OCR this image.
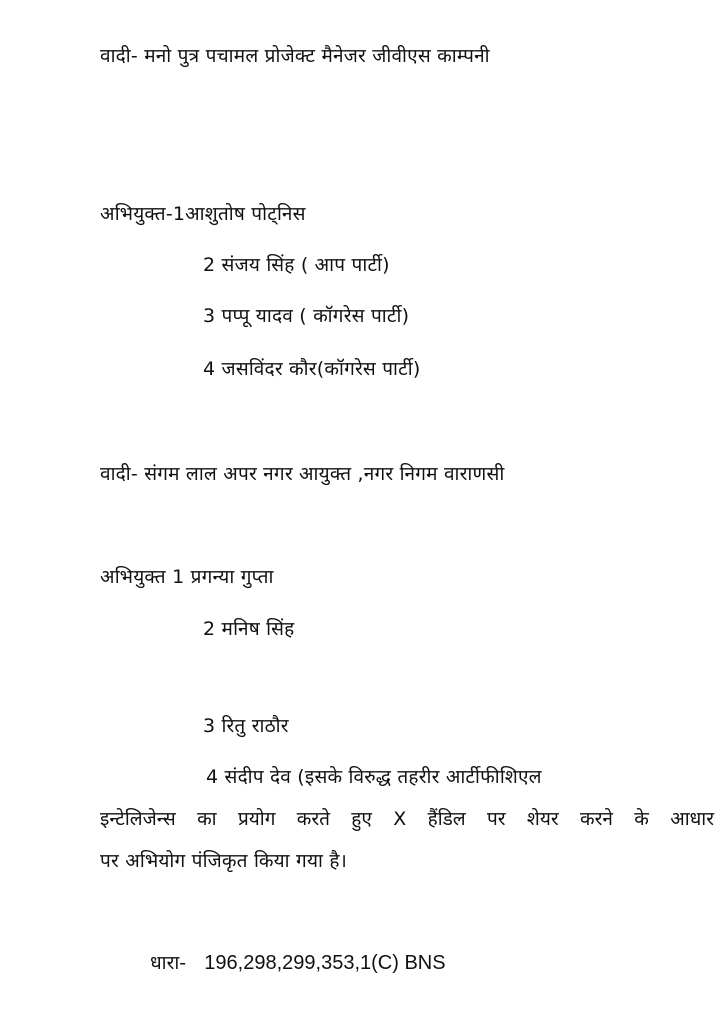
वादी- मनो पुत्र पचामल प्रोजेक्ट मैनेजर जीवीएस काम्पनी
अभियुक्त-1आशुतोष पोट्निस
2 संजय सिंह ( आप पार्टी)
3 पप्पू यादव ( कॉगरेस पार्टी)
4 जसविंदर कौर(कॉगरेस पार्टी)
वादी- संगम लाल अपर नगर आयुक्त ,नगर निगम वाराणसी
अभियुक्त 1 प्रगन्या गुप्ता
2 मनिष सिंह
3 रितु राठौर
4 संदीप देव (इसके विरुद्ध तहरीर आर्टीफीशिएल
इन्टेलिजेन्स का प्रयोग करते हुए X हैंडिल पर शेयर करने के आधार
पर अभियोग पंजिकृत किया गया है।
धारा- 196,298,299,353,1(C) BNS
